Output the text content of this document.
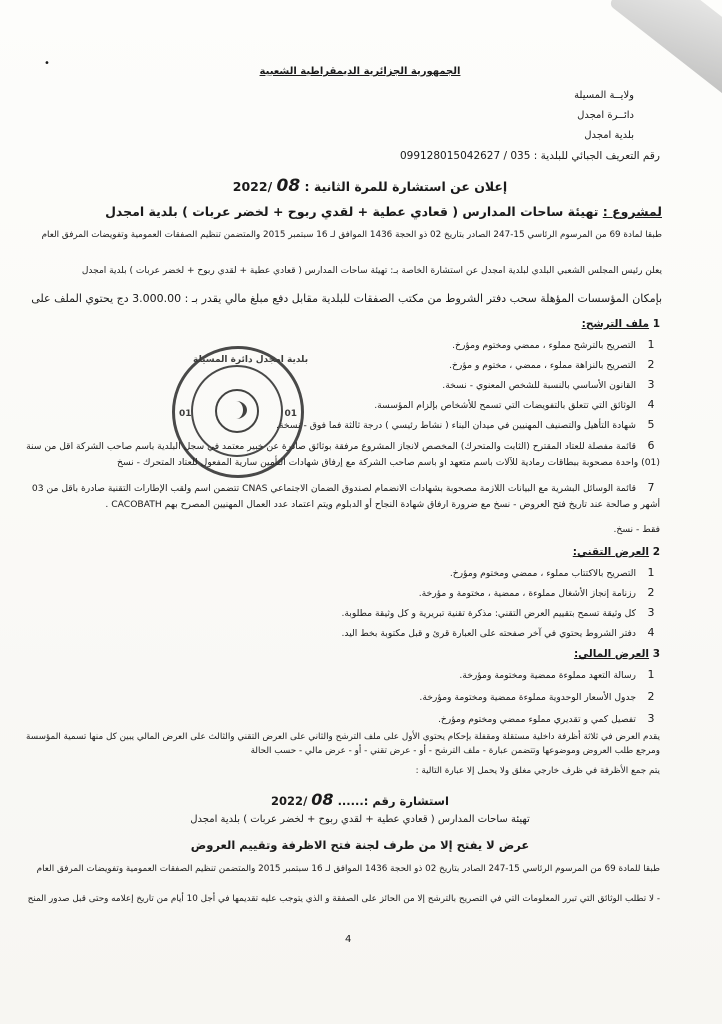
•
الجمهورية الجزائرية الديمقراطية الشعبية
ولايــة المسيلة
دائــرة امجدل
بلدية امجدل
رقم التعريف الجبائي للبلدية : 099128015042627 / 035
إعلان عن استشارة للمرة الثانية : 08 /2022
لمشروع : تهيئة ساحات المدارس ( قعادي عطية + لقدي ربوح + لخضر عربات ) بلدية امجدل
طبقا لمادة 69 من المرسوم الرئاسي 15-247 الصادر بتاريخ 02 ذو الحجة 1436 الموافق لـ 16 سبتمبر 2015 والمتضمن تنظيم الصفقات العمومية وتفويضات المرفق العام
يعلن رئيس المجلس الشعبي البلدي لبلدية امجدل عن استشارة الخاصة بـ: تهيئة ساحات المدارس ( قعادي عطية + لقدي ربوح + لخضر عربات ) بلدية امجدل
بإمكان المؤسسات المؤهلة سحب دفتر الشروط من مكتب الصفقات للبلدية مقابل دفع مبلغ مالي يقدر بـ : 3.000.00 دج يحتوي الملف على
1 ملف الترشح:
1التصريح بالترشح مملوء ، ممضي ومختوم ومؤرخ.
2التصريح بالنزاهة مملوء ، ممضي ، مختوم و مؤرخ.
3القانون الأساسي بالنسبة للشخص المعنوي - نسخة.
4الوثائق التي تتعلق بالتفويضات التي تسمح للأشخاص بإلزام المؤسسة.
5شهادة التأهيل والتصنيف المهنيين في ميدان البناء ( نشاط رئيسي ) درجة ثالثة فما فوق - نسخة.
6قائمة مفصلة للعتاد المقترح (الثابت والمتحرك) المخصص لانجاز المشروع مرفقة بوثائق صادرة عن خبير معتمد في سجل البلدية باسم صاحب الشركة اقل من سنة (01) واحدة مصحوبة ببطاقات رمادية للآلات باسم متعهد او باسم صاحب الشركة مع إرفاق شهادات التأمين سارية المفعول للعتاد المتحرك - نسخ
7قائمة الوسائل البشرية مع البيانات اللازمة مصحوبة بشهادات الانضمام لصندوق الضمان الاجتماعي CNAS تتضمن اسم ولقب الإطارات التقنية صادرة باقل من 03 أشهر و صالحة عند تاريخ فتح العروض - نسخ مع ضرورة ارفاق شهادة النجاح أو الدبلوم ويتم اعتماد عدد العمال المهنيين المصرح بهم CACOBATH .
فقط - نسخ.
بلدية امجدل دائرة المسيلة
01	01
2 العرض التقني:
1التصريح بالاكتتاب مملوء ، ممضي ومختوم ومؤرخ.
2رزنامة إنجاز الأشغال مملوءة ، ممضية ، مختومة و مؤرخة.
3كل وثيقة تسمح بتقييم العرض التقني: مذكرة تقنية تبريرية و كل وثيقة مطلوبة.
4دفتر الشروط يحتوي في آخر صفحته على العبارة قرئ و قبل مكتوبة بخط اليد.
3 العرض المالي:
1رسالة التعهد مملوءة ممضية ومختومة ومؤرخة.
2جدول الأسعار الوحدوية مملوءة ممضية ومختومة ومؤرخة.
3تفصيل كمي و تقديري مملوء ممضي ومختوم ومؤرخ.
يقدم العرض في ثلاثة أظرفة داخلية مستقلة ومقفلة بإحكام يحتوي الأول على ملف الترشح والثاني على العرض التقني والثالث على العرض المالي يبين كل منها تسمية المؤسسة ومرجع طلب العروض وموضوعها وتتضمن عبارة - ملف الترشح - أو - عرض تقني - أو - عرض مالي - حسب الحالة
يتم جمع الأظرفة في ظرف خارجي مغلق ولا يحمل إلا عبارة التالية :
استشارة رقم :...... 08 /2022
تهيئة ساحات المدارس ( قعادي عطية + لقدي ربوح + لخضر عربات ) بلدية امجدل
عرض لا يفتح إلا من طرف لجنة فتح الاظرفة وتقييم العروض
طبقا للمادة 69 من المرسوم الرئاسي 15-247 الصادر بتاريخ 02 ذو الحجة 1436 الموافق لـ 16 سبتمبر 2015 والمتضمن تنظيم الصفقات العمومية وتفويضات المرفق العام
- لا تطلب الوثائق التي تبرر المعلومات التي في التصريح بالترشح إلا من الحائز على الصفقة و الذي يتوجب عليه تقديمها في أجل 10 أيام من تاريخ إعلامه وحتى قبل صدور المنح
4
